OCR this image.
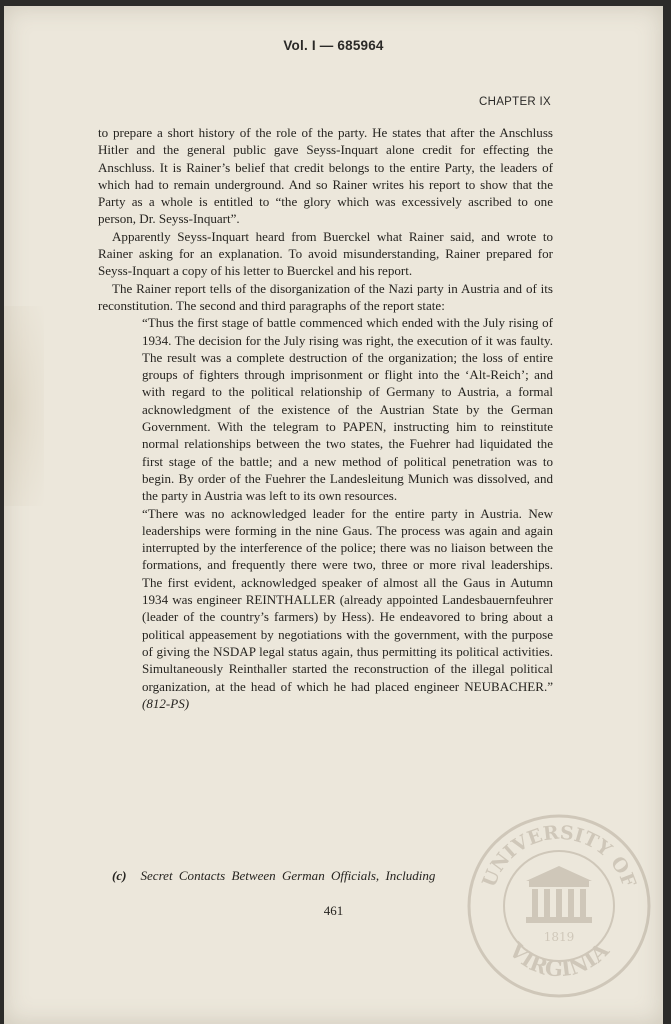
Vol. I — 685964
CHAPTER IX

to prepare a short history of the role of the party. He states that after the Anschluss Hitler and the general public gave Seyss-Inquart alone credit for effecting the Anschluss. It is Rainer’s belief that credit belongs to the entire Party, the leaders of which had to remain underground. And so Rainer writes his report to show that the Party as a whole is entitled to “the glory which was excessively ascribed to one person, Dr. Seyss-Inquart”.

Apparently Seyss-Inquart heard from Buerckel what Rainer said, and wrote to Rainer asking for an explanation. To avoid misunderstanding, Rainer prepared for Seyss-Inquart a copy of his letter to Buerckel and his report.

The Rainer report tells of the disorganization of the Nazi party in Austria and of its reconstitution. The second and third paragraphs of the report state:

“Thus the first stage of battle commenced which ended with the July rising of 1934. The decision for the July rising was right, the execution of it was faulty. The result was a complete destruction of the organization; the loss of entire groups of fighters through imprisonment or flight into the ‘Alt-Reich’; and with regard to the political relationship of Germany to Austria, a formal acknowledgment of the existence of the Austrian State by the German Government. With the telegram to PAPEN, instructing him to reinstitute normal relationships between the two states, the Fuehrer had liquidated the first stage of the battle; and a new method of political penetration was to begin. By order of the Fuehrer the Landesleitung Munich was dissolved, and the party in Austria was left to its own resources.

“There was no acknowledged leader for the entire party in Austria. New leaderships were forming in the nine Gaus. The process was again and again interrupted by the interference of the police; there was no liaison between the formations, and frequently there were two, three or more rival leaderships. The first evident, acknowledged speaker of almost all the Gaus in Autumn 1934 was engineer REINTHALLER (already appointed Landesbauernfeuhrer (leader of the country’s farmers) by Hess). He endeavored to bring about a political appeasement by negotiations with the government, with the purpose of giving the NSDAP legal status again, thus permitting its political activities. Simultaneously Reinthaller started the reconstruction of the illegal political organization, at the head of which he had placed engineer NEUBACHER.” (812-PS)

(c) Secret Contacts Between German Officials, Including
461
UNIVERSITY OF
VIRGINIA
1819
